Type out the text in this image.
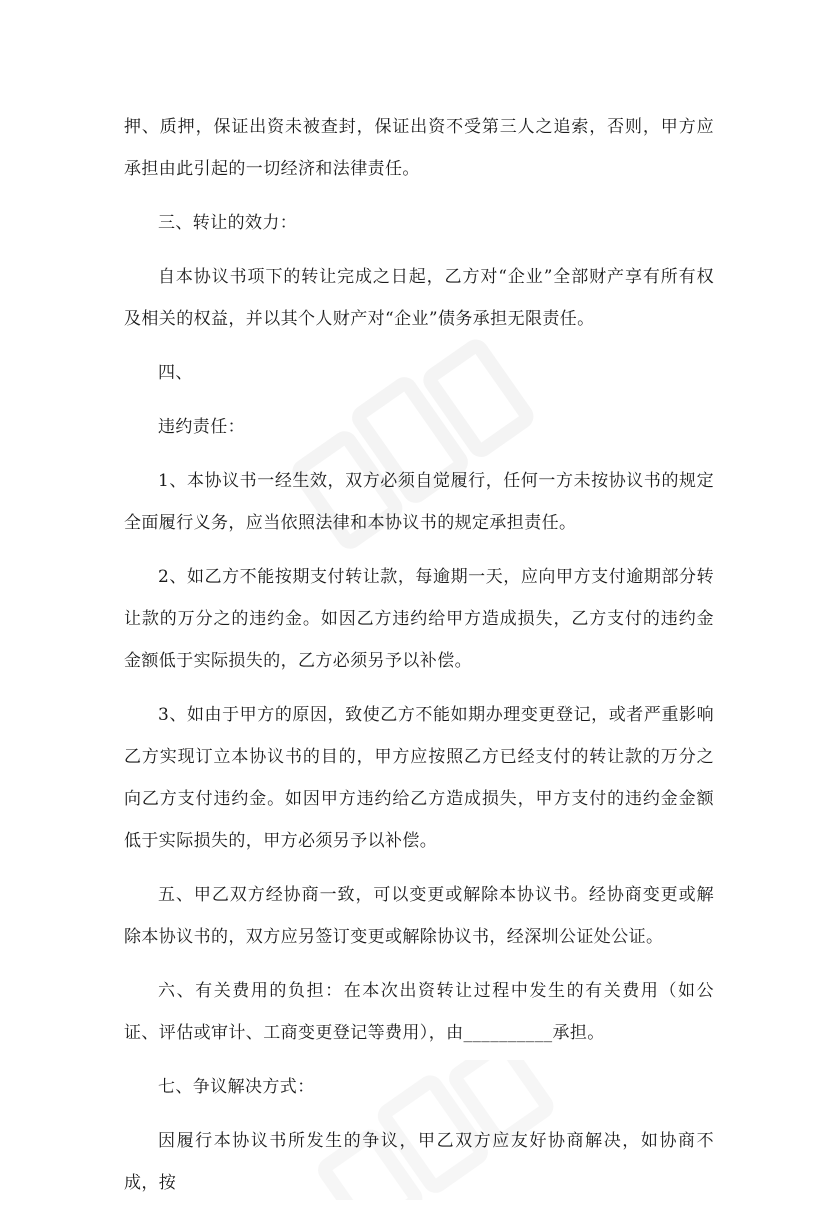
押、质押，保证出资未被查封，保证出资不受第三人之追索，否则，甲方应承担由此引起的一切经济和法律责任。

三、转让的效力：

自本协议书项下的转让完成之日起，乙方对“企业”全部财产享有所有权及相关的权益，并以其个人财产对“企业”债务承担无限责任。

四、

违约责任：

1、本协议书一经生效，双方必须自觉履行，任何一方未按协议书的规定全面履行义务，应当依照法律和本协议书的规定承担责任。

2、如乙方不能按期支付转让款，每逾期一天，应向甲方支付逾期部分转让款的万分之的违约金。如因乙方违约给甲方造成损失，乙方支付的违约金金额低于实际损失的，乙方必须另予以补偿。

3、如由于甲方的原因，致使乙方不能如期办理变更登记，或者严重影响乙方实现订立本协议书的目的，甲方应按照乙方已经支付的转让款的万分之向乙方支付违约金。如因甲方违约给乙方造成损失，甲方支付的违约金金额低于实际损失的，甲方必须另予以补偿。

五、甲乙双方经协商一致，可以变更或解除本协议书。经协商变更或解除本协议书的，双方应另签订变更或解除协议书，经深圳公证处公证。

六、有关费用的负担：在本次出资转让过程中发生的有关费用（如公证、评估或审计、工商变更登记等费用），由__________承担。

七、争议解决方式：

因履行本协议书所发生的争议，甲乙双方应友好协商解决，如协商不成，按
